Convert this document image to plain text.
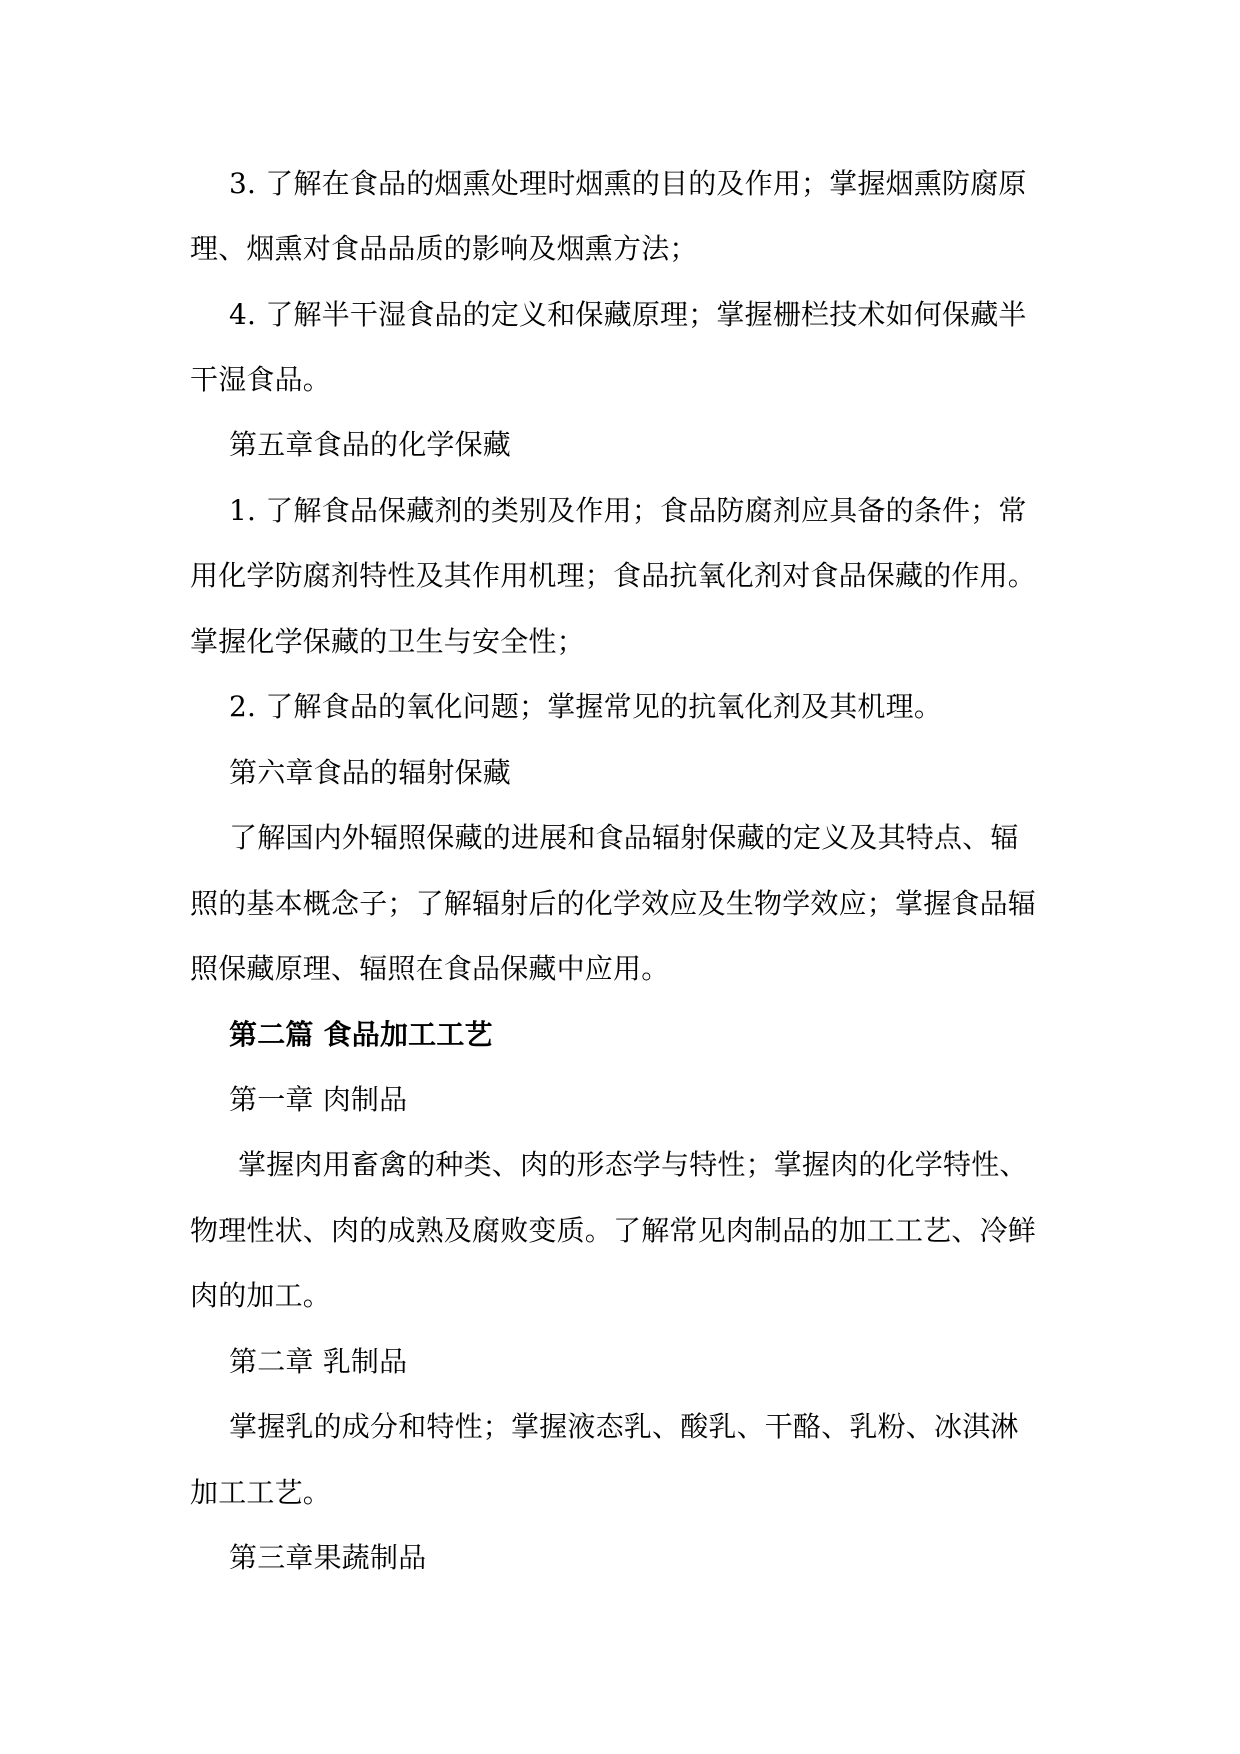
3. 了解在食品的烟熏处理时烟熏的目的及作用；掌握烟熏防腐原
理、烟熏对食品品质的影响及烟熏方法；
4. 了解半干湿食品的定义和保藏原理；掌握栅栏技术如何保藏半
干湿食品。
第五章食品的化学保藏
1. 了解食品保藏剂的类别及作用；食品防腐剂应具备的条件；常
用化学防腐剂特性及其作用机理；食品抗氧化剂对食品保藏的作用。
掌握化学保藏的卫生与安全性；
2. 了解食品的氧化问题；掌握常见的抗氧化剂及其机理。
第六章食品的辐射保藏
了解国内外辐照保藏的进展和食品辐射保藏的定义及其特点、辐
照的基本概念子；了解辐射后的化学效应及生物学效应；掌握食品辐
照保藏原理、辐照在食品保藏中应用。
第二篇 食品加工工艺
第一章 肉制品
掌握肉用畜禽的种类、肉的形态学与特性；掌握肉的化学特性、
物理性状、肉的成熟及腐败变质。了解常见肉制品的加工工艺、冷鲜
肉的加工。
第二章 乳制品
掌握乳的成分和特性；掌握液态乳、酸乳、干酪、乳粉、冰淇淋
加工工艺。
第三章果蔬制品
